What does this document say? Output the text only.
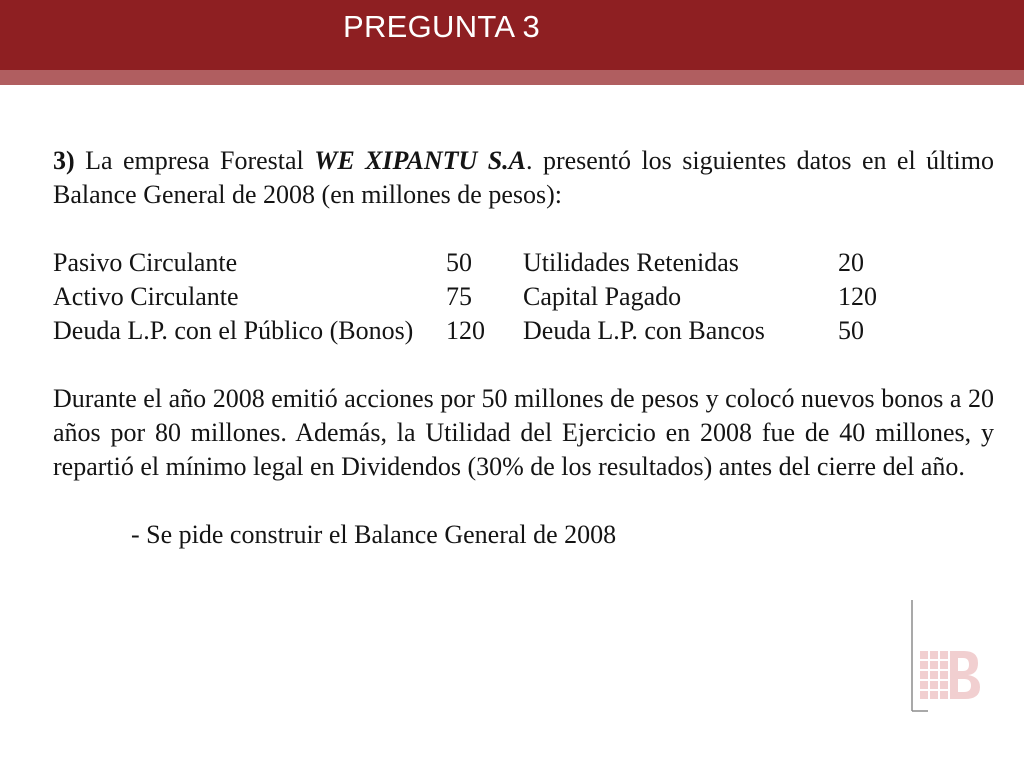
PREGUNTA 3

3) La empresa Forestal WE XIPANTU S.A. presentó los siguientes datos en el último Balance General de 2008 (en millones de pesos):

Pasivo Circulante	50	Utilidades Retenidas	20
Activo Circulante	75	Capital Pagado	120
Deuda L.P. con el Público (Bonos)	120	Deuda L.P. con Bancos	50

Durante el año 2008 emitió acciones por 50 millones de pesos y colocó nuevos bonos a 20 años por 80 millones. Además, la Utilidad del Ejercicio en 2008 fue de 40 millones, y repartió el mínimo legal en Dividendos (30% de los resultados) antes del cierre del año.

- Se pide construir el Balance General de 2008
